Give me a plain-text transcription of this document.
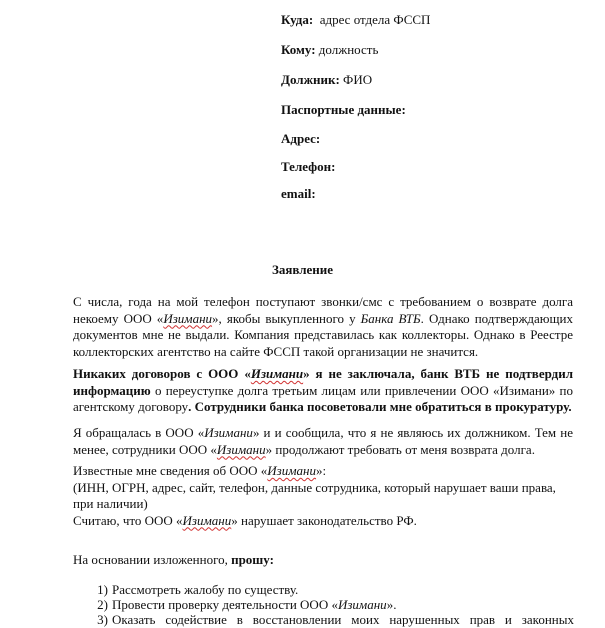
Куда: адрес отдела ФССП
Кому: должность
Должник: ФИО
Паспортные данные:
Адрес:
Телефон:
email:
Заявление
С числа, года на мой телефон поступают звонки/смс с требованием о возврате долга некоему ООО «Изимани», якобы выкупленного у Банка ВТБ. Однако подтверждающих документов мне не выдали. Компания представилась как коллекторы. Однако в Реестре коллекторских агентство на сайте ФССП такой организации не значится.
Никаких договоров с ООО «Изимани» я не заключала, банк ВТБ не подтвердил информацию о переуступке долга третьим лицам или привлечении ООО «Изимани» по агентскому договору. Сотрудники банка посоветовали мне обратиться в прокуратуру.
Я обращалась в ООО «Изимани» и и сообщила, что я не являюсь их должником. Тем не менее, сотрудники ООО «Изимани» продолжают требовать от меня возврата долга.
Известные мне сведения об ООО «Изимани»:
(ИНН, ОГРН, адрес, сайт, телефон, данные сотрудника, который нарушает ваши права, при наличии)
Считаю, что ООО «Изимани» нарушает законодательство РФ.
На основании изложенного, прошу:
1) Рассмотреть жалобу по существу.
2) Провести проверку деятельности ООО «Изимани».
3) Оказать содействие в восстановлении моих нарушенных прав и законных
